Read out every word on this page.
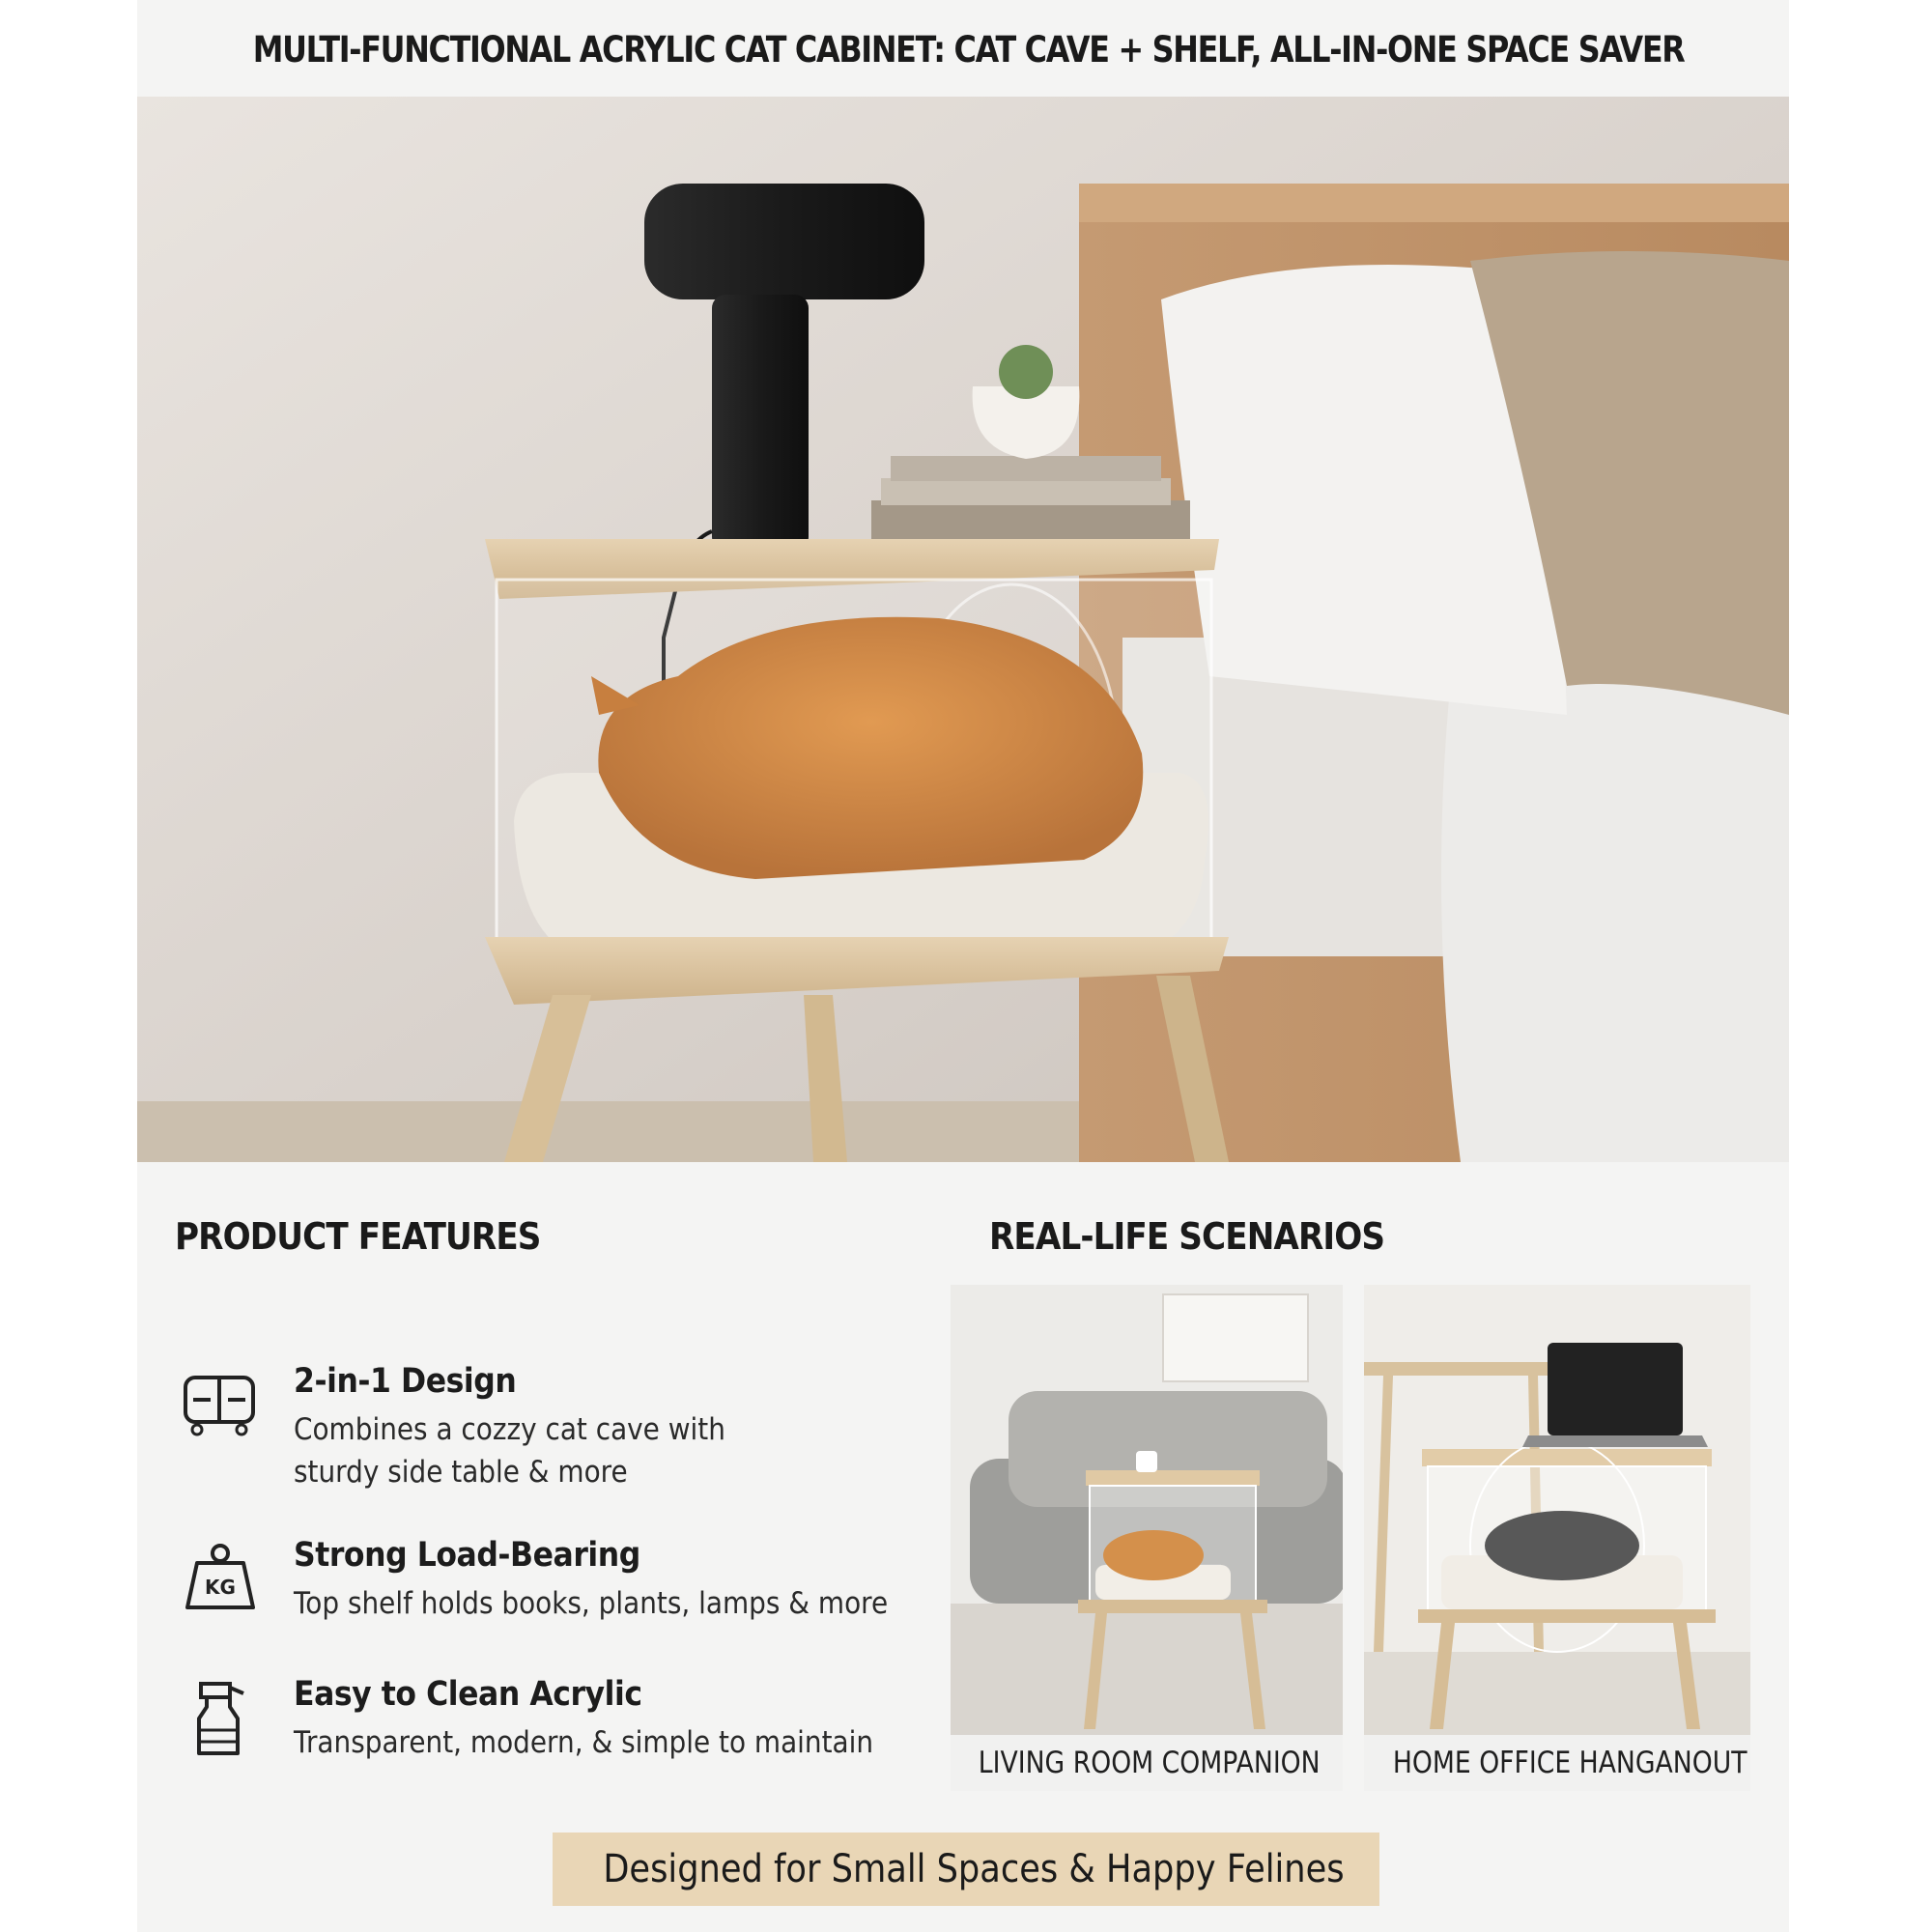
MULTI-FUNCTIONAL ACRYLIC CAT CABINET: CAT CAVE + SHELF, ALL-IN-ONE SPACE SAVER
PRODUCT FEATURES
2-in-1 Design
Combines a cozzy cat cave with
sturdy side table & more
KG
Strong Load-Bearing
Top shelf holds books, plants, lamps & more
Easy to Clean Acrylic
Transparent, modern, & simple to maintain
REAL-LIFE SCENARIOS
LIVING ROOM COMPANION	HOME OFFICE HANGANOUT
Designed for Small Spaces & Happy Felines
